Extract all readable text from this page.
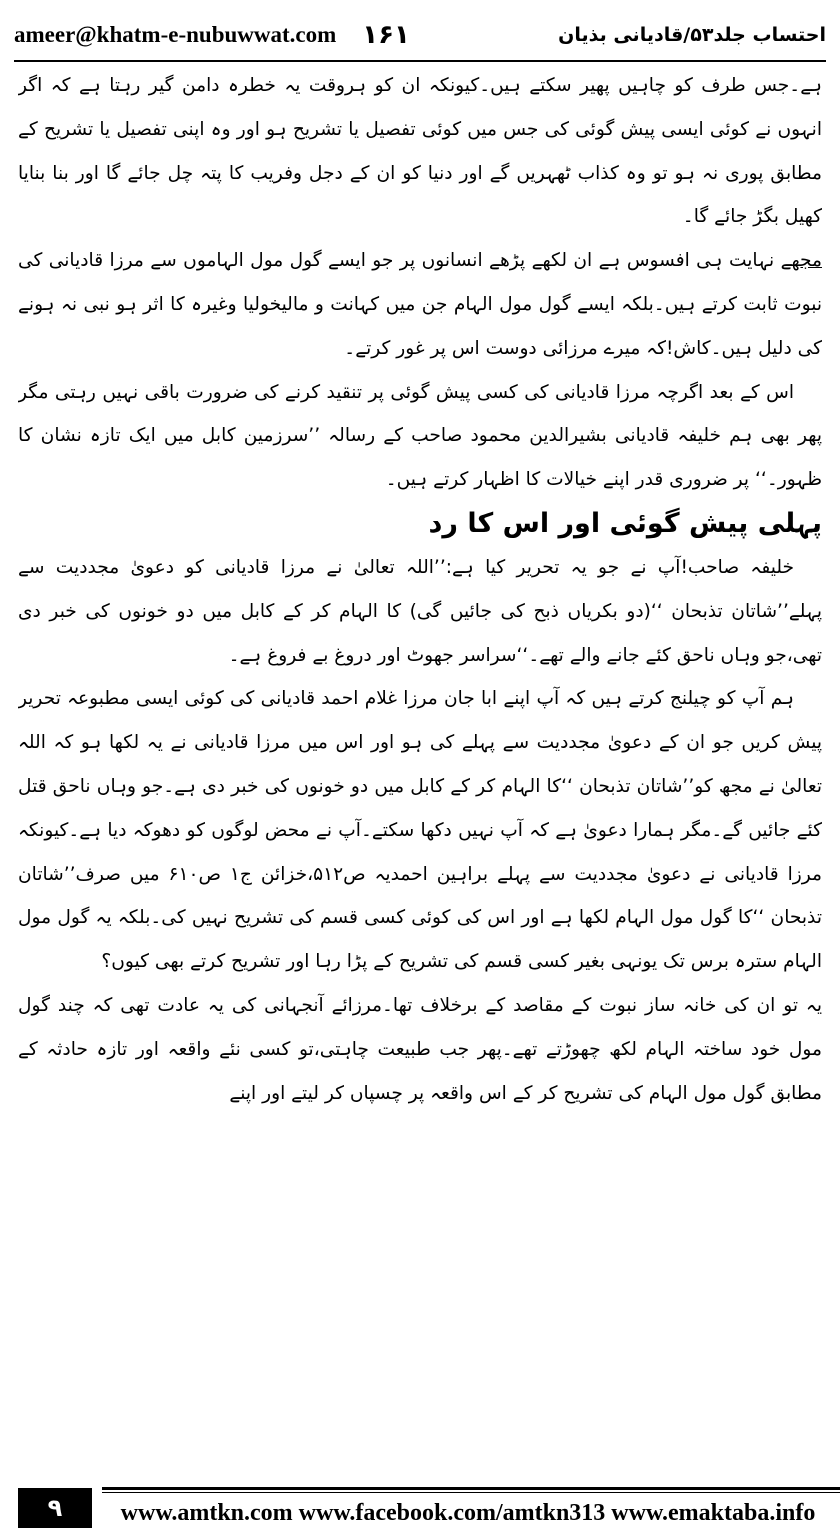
ameer@khatm-e-nubuwwat.com ۱۶۱	احتساب جلد۵۳/قادیانی بذیان

ہے۔جس طرف کو چاہیں پھیر سکتے ہیں۔کیونکہ ان کو ہروقت یہ خطرہ دامن گیر رہتا ہے کہ اگر انہوں نے کوئی ایسی پیش گوئی کی جس میں کوئی تفصیل یا تشریح ہو اور وہ اپنی تفصیل یا تشریح کے مطابق پوری نہ ہو تو وہ کذاب ٹھہریں گے اور دنیا کو ان کے دجل وفریب کا پتہ چل جائے گا اور بنا بنایا کھیل بگڑ جائے گا۔

مجھے نہایت ہی افسوس ہے ان لکھے پڑھے انسانوں پر جو ایسے گول مول الہاموں سے مرزا قادیانی کی نبوت ثابت کرتے ہیں۔بلکہ ایسے گول مول الہام جن میں کہانت و مالیخولیا وغیرہ کا اثر ہو نبی نہ ہونے کی دلیل ہیں۔کاش!کہ میرے مرزائی دوست اس پر غور کرتے۔

اس کے بعد اگرچہ مرزا قادیانی کی کسی پیش گوئی پر تنقید کرنے کی ضرورت باقی نہیں رہتی مگر پھر بھی ہم خلیفہ قادیانی بشیرالدین محمود صاحب کے رسالہ ’’سرزمین کابل میں ایک تازہ نشان کا ظہور۔‘‘ پر ضروری قدر اپنے خیالات کا اظہار کرتے ہیں۔

پہلی پیش گوئی اور اس کا رد

خلیفہ صاحب!آپ نے جو یہ تحریر کیا ہے:’’اللہ تعالیٰ نے مرزا قادیانی کو دعویٰ مجددیت سے پہلے’’شاتان تذبحان ‘‘(دو بکریاں ذبح کی جائیں گی) کا الہام کر کے کابل میں دو خونوں کی خبر دی تھی،جو وہاں ناحق کئے جانے والے تھے۔‘‘سراسر جھوٹ اور دروغ بے فروغ ہے۔

ہم آپ کو چیلنج کرتے ہیں کہ آپ اپنے ابا جان مرزا غلام احمد قادیانی کی کوئی ایسی مطبوعہ تحریر پیش کریں جو ان کے دعویٰ مجددیت سے پہلے کی ہو اور اس میں مرزا قادیانی نے یہ لکھا ہو کہ اللہ تعالیٰ نے مجھ کو’’شاتان تذبحان ‘‘کا الہام کر کے کابل میں دو خونوں کی خبر دی ہے۔جو وہاں ناحق قتل کئے جائیں گے۔مگر ہمارا دعویٰ ہے کہ آپ نہیں دکھا سکتے۔آپ نے محض لوگوں کو دھوکہ دیا ہے۔کیونکہ مرزا قادیانی نے دعویٰ مجددیت سے پہلے براہین احمدیہ ص۵۱۲،خزائن ج۱ ص۶۱۰ میں صرف’’شاتان تذبحان ‘‘کا گول مول الہام لکھا ہے اور اس کی کوئی کسی قسم کی تشریح نہیں کی۔بلکہ یہ گول مول الہام سترہ برس تک یونہی بغیر کسی قسم کی تشریح کے پڑا رہا اور تشریح کرتے بھی کیوں؟

یہ تو ان کی خانہ ساز نبوت کے مقاصد کے برخلاف تھا۔مرزائے آنجہانی کی یہ عادت تھی کہ چند گول مول خود ساختہ الہام لکھ چھوڑتے تھے۔پھر جب طبیعت چاہتی،تو کسی نئے واقعہ اور تازہ حادثہ کے مطابق گول مول الہام کی تشریح کر کے اس واقعہ پر چسپاں کر لیتے اور اپنے

۹	www.amtkn.com www.facebook.com/amtkn313 www.emaktaba.info
